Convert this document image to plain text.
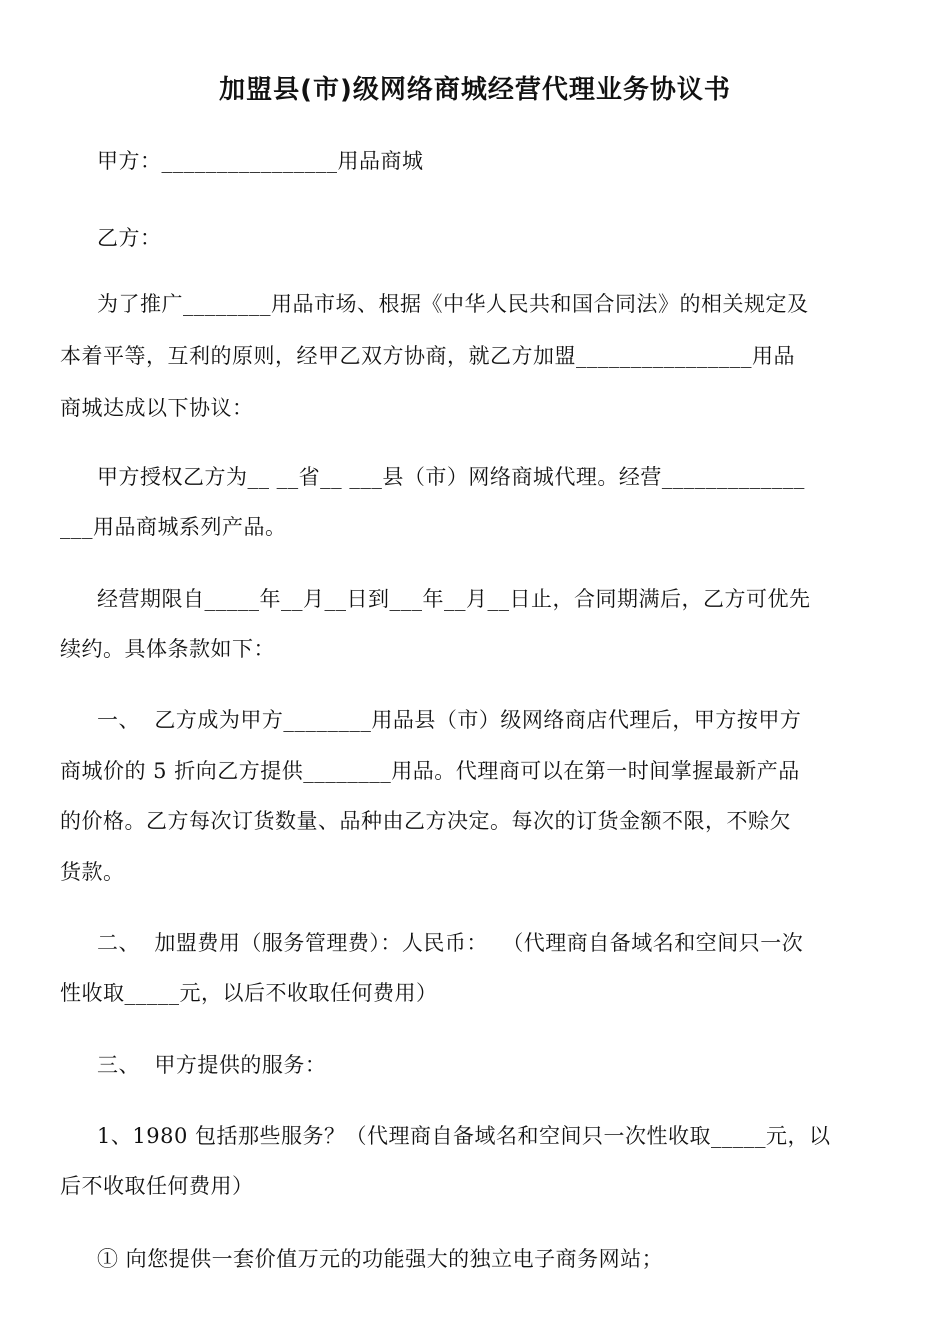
加盟县(市)级网络商城经营代理业务协议书
甲方：________________用品商城
乙方：
为了推广________用品市场、根据《中华人民共和国合同法》的相关规定及
本着平等，互利的原则，经甲乙双方协商，就乙方加盟________________用品
商城达成以下协议：
甲方授权乙方为__ __省__ ___县（市）网络商城代理。经营_____________
___用品商城系列产品。
经营期限自_____年__月__日到___年__月__日止，合同期满后，乙方可优先
续约。具体条款如下：
一、  乙方成为甲方________用品县（市）级网络商店代理后，甲方按甲方
商城价的 5 折向乙方提供________用品。代理商可以在第一时间掌握最新产品
的价格。乙方每次订货数量、品种由乙方决定。每次的订货金额不限，不赊欠
货款。
二、  加盟费用（服务管理费）：人民币：  （代理商自备域名和空间只一次
性收取_____元，以后不收取任何费用）
三、  甲方提供的服务：
1、1980 包括那些服务？（代理商自备域名和空间只一次性收取_____元，以
后不收取任何费用）
① 向您提供一套价值万元的功能强大的独立电子商务网站；
